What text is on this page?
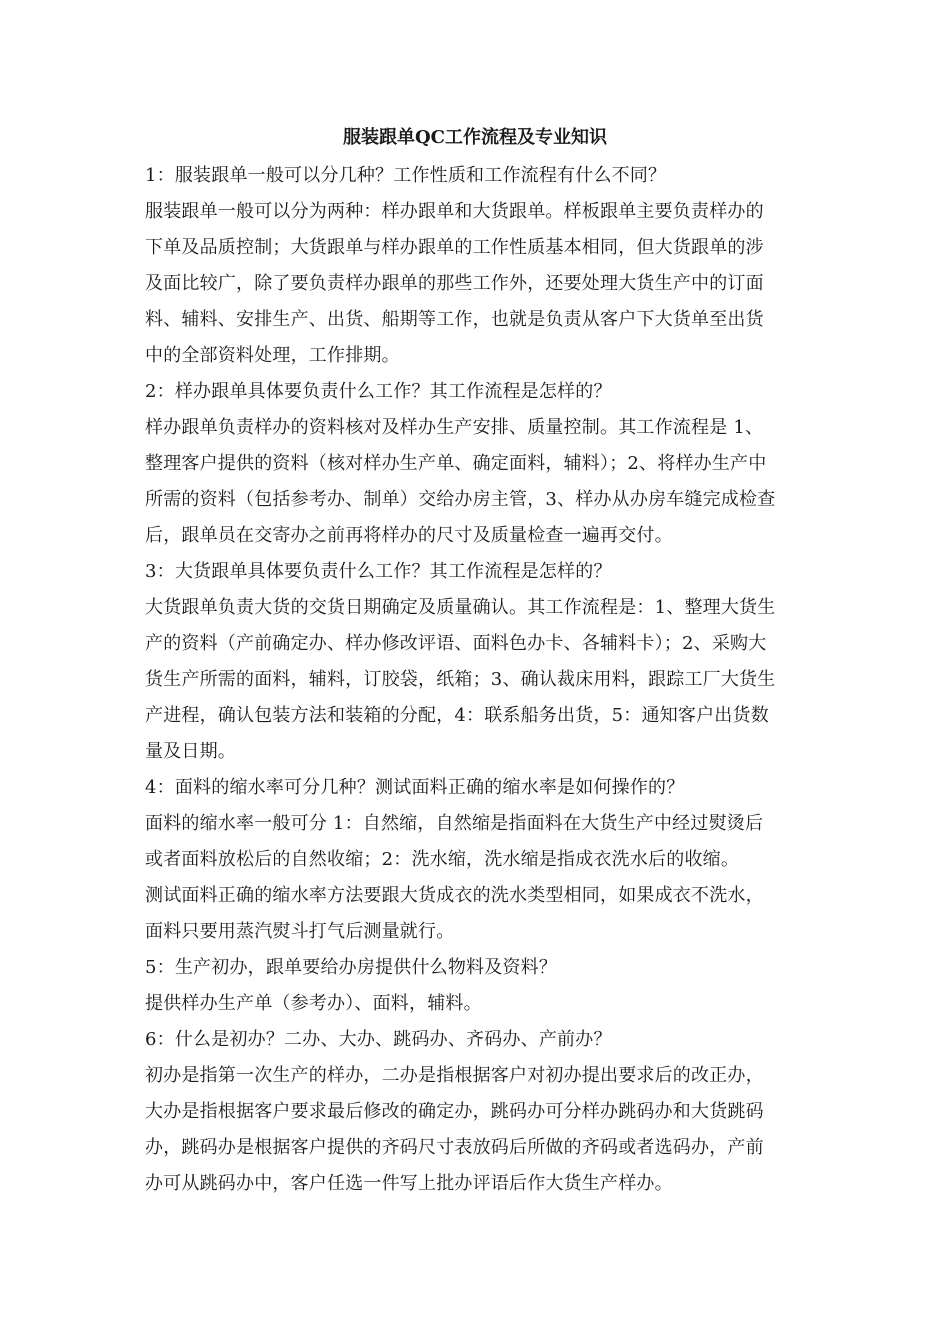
服装跟单QC工作流程及专业知识

1：服装跟单一般可以分几种？工作性质和工作流程有什么不同？

服装跟单一般可以分为两种：样办跟单和大货跟单。样板跟单主要负责样办的

下单及品质控制；大货跟单与样办跟单的工作性质基本相同，但大货跟单的涉

及面比较广，除了要负责样办跟单的那些工作外，还要处理大货生产中的订面

料、辅料、安排生产、出货、船期等工作，也就是负责从客户下大货单至出货

中的全部资料处理，工作排期。

2：样办跟单具体要负责什么工作？其工作流程是怎样的？

样办跟单负责样办的资料核对及样办生产安排、质量控制。其工作流程是 1、

整理客户提供的资料（核对样办生产单、确定面料，辅料）；2、将样办生产中

所需的资料（包括参考办、制单）交给办房主管，3、样办从办房车缝完成检查

后，跟单员在交寄办之前再将样办的尺寸及质量检查一遍再交付。

3：大货跟单具体要负责什么工作？其工作流程是怎样的？

大货跟单负责大货的交货日期确定及质量确认。其工作流程是：1、整理大货生

产的资料（产前确定办、样办修改评语、面料色办卡、各辅料卡）；2、采购大

货生产所需的面料，辅料，订胶袋，纸箱；3、确认裁床用料，跟踪工厂大货生

产进程，确认包装方法和装箱的分配，4：联系船务出货，5：通知客户出货数

量及日期。

4：面料的缩水率可分几种？测试面料正确的缩水率是如何操作的？

面料的缩水率一般可分 1：自然缩，自然缩是指面料在大货生产中经过熨烫后

或者面料放松后的自然收缩；2：洗水缩，洗水缩是指成衣洗水后的收缩。

测试面料正确的缩水率方法要跟大货成衣的洗水类型相同，如果成衣不洗水，

面料只要用蒸汽熨斗打气后测量就行。

5：生产初办，跟单要给办房提供什么物料及资料？

提供样办生产单（参考办）、面料，辅料。

6：什么是初办？二办、大办、跳码办、齐码办、产前办？

初办是指第一次生产的样办，二办是指根据客户对初办提出要求后的改正办，

大办是指根据客户要求最后修改的确定办，跳码办可分样办跳码办和大货跳码

办，跳码办是根据客户提供的齐码尺寸表放码后所做的齐码或者选码办，产前

办可从跳码办中，客户任选一件写上批办评语后作大货生产样办。
